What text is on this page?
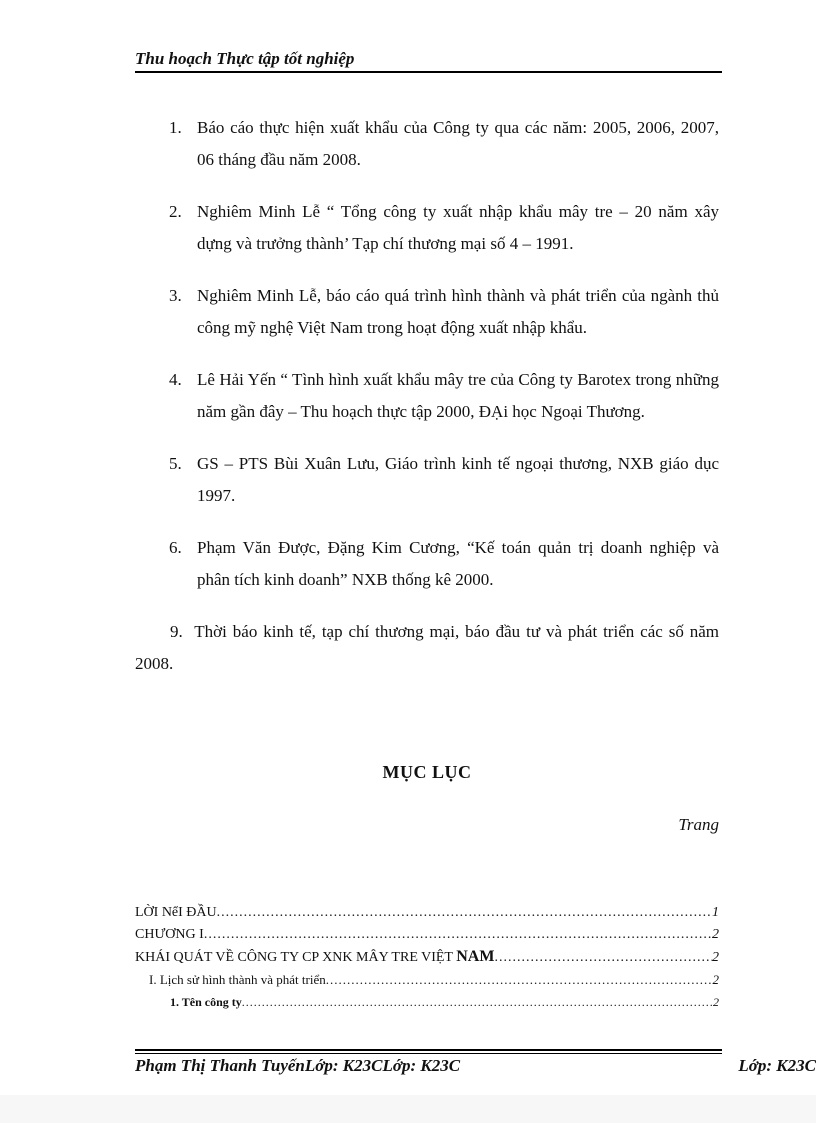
Thu hoạch Thực tập tốt nghiệp
1. Báo cáo thực hiện xuất khẩu của Công ty qua các năm: 2005, 2006, 2007, 06 tháng đầu năm 2008.
2. Nghiêm Minh Lễ “ Tổng công ty xuất nhập khẩu mây tre – 20 năm xây dựng và trưởng thành’ Tạp chí thương mại số 4 – 1991.
3. Nghiêm Minh Lễ, báo cáo quá trình hình thành và phát triển của ngành thủ công mỹ nghệ Việt Nam trong hoạt động xuất nhập khẩu.
4. Lê Hải Yến “ Tình hình xuất khẩu mây tre của Công ty Barotex trong những năm gần đây – Thu hoạch thực tập 2000, ĐẠi học Ngoại Thương.
5. GS – PTS Bùi Xuân Lưu, Giáo trình kinh tế ngoại thương, NXB giáo dục 1997.
6. Phạm Văn Được, Đặng Kim Cương, “Kế toán quản trị doanh nghiệp và phân tích kinh doanh” NXB thống kê 2000.
9. Thời báo kinh tế, tạp chí thương mại, báo đầu tư và phát triển các số năm 2008.
MỤC LỤC
Trang
LỜI NểI ĐẦU .....	1
CHƯƠNG I .....	2
KHÁI QUÁT VỀ CÔNG TY CP XNK MÂY TRE VIỆT NAM .....	2
I. Lịch sử hình thành và phát triển .....	2
1. Tên công ty .....	2
Phạm Thị Thanh TuyếnLớp: K23CLớp: K23C	Lớp: K23C
